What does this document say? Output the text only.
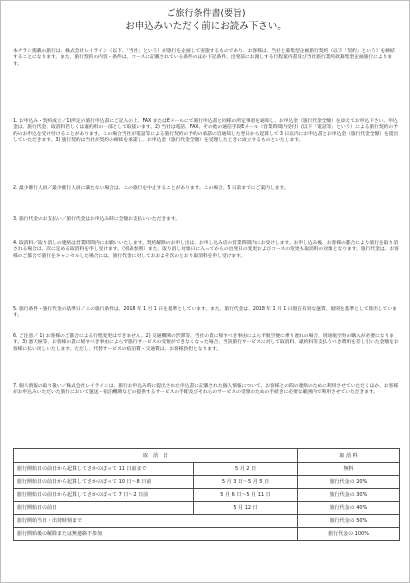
ご旅行条件書(要旨)
お申込みいただく前にお読み下さい。

本チラシ掲載の旅行は、株式会社レイライン（以下、「当社」という）が旅行を企画して実施するものであり、お客様は、当社と募集型企画旅行契約（以下「契約」という）を締結することになります。また、旅行契約の内容・条件は、コースに記載されている条件のほか下記条件、出発前にお渡しする行程案内書及び当社旅行業約款募集型企画旅行によります。

1. お申込み・契約成立／1)所定の旅行申込書にご記入の上、FAX またはEメールにて旅行申込書と同様の所定事項を通知し、お申込金（旅行代金全額）を添えてお申込下さい。申込金は、旅行代金、取消料若しくは違約料の一部として取扱います。2) 当社は電話、FAX、その他の通信手段Eメール（営業時間内受付）(以下「電話等」という）による旅行契約の予約のお申込を受け付けることがあります。この場合当社が電話等による旅行契約の予約の承諾の旨通知した翌日から起算して 3 日以内にお申込書とお申込金（旅行代金全額）を提出していただきます。3) 旅行契約は当社が契約の締結を承諾し、お申込金（旅行代金全額）を受理したときに成立するものといたします。

2. 最少催行人員／最少催行人員に満たない場合は、この旅行を中止することがあります。この場合、5 日前までにご案内します。

3. 旅行代金のお支払い／旅行代金はお申込み時に全額お支払いいただきます。

4. 取消料／取り消しの連絡は営業時間内にお願いいたします。契約解除のお申し出は、お申し込み店の営業時間内にお受けします。お申し込み後、お客様の都合により旅行を取り消される場合は、次に定める取消料を申し受けます。（別表参照）また、取り消し対象日に入ってからの出発日の変更およびコースの変更も取消料の対象となります。旅行代金は、お客様のご都合で旅行をキャンセルした場合には、旅行代金に対しておおよそ次のとおり取消料を申し受けます。

5. 旅行条件・旅行代金の基準日／この旅行条件は、2018 年 1 月 1 日を基準としています。また、旅行代金は、2018 年 1 月 1 日現在有効な運賃、規則を基準として算出しています。

6. ご注意／ 1) お客様のご都合による行程変更はできません。2) 交通機関の渋滞等、当社の責に帰すべき事由によらず航空便に乗り遅れの場合、別途航空券の購入が必要になります。3) 悪天候等、お客様の責に帰すべき事由によらず旅行サービスの受領ができなくなった場合、当該旅行サービスに対して取消料、違約料等支払うべき費用を差し引いた金額をお客様に払い戻しいたします。ただし、代替サービスの宿泊費・交通費は、お客様負担となります。

7. 個人情報の取り扱い／株式会社レイラインは、旅行お申込み時に提出された申込書に記載された個人情報について、お客様との間の連絡のために利用させていただくほか、お客様がお申込みいただいた旅行において運送・宿泊機関などの提供するサービスの手配及びそれらのサービスの受領のための手続きに必要な範囲内で利用させていただきます。

取　消　日		取 消 料
旅行開始日の前日から起算してさかのぼって 11 日前まで	5 月 2 日	無料
旅行開始日の前日から起算してさかのぼって 10 日～8 日前	5 月 3 日～5 月 5 日	旅行代金の 20%
旅行開始日の前日から起算してさかのぼって 7 日～2 日前	5 月 6 日～5 月 11 日	旅行代金の 30%
旅行開始日の前日	5 月 12 日	旅行代金の 40%
旅行開始当日・出発時刻まで		旅行代金の 50%
旅行開始後の解除または無連絡不参加		旅行代金の 100%
